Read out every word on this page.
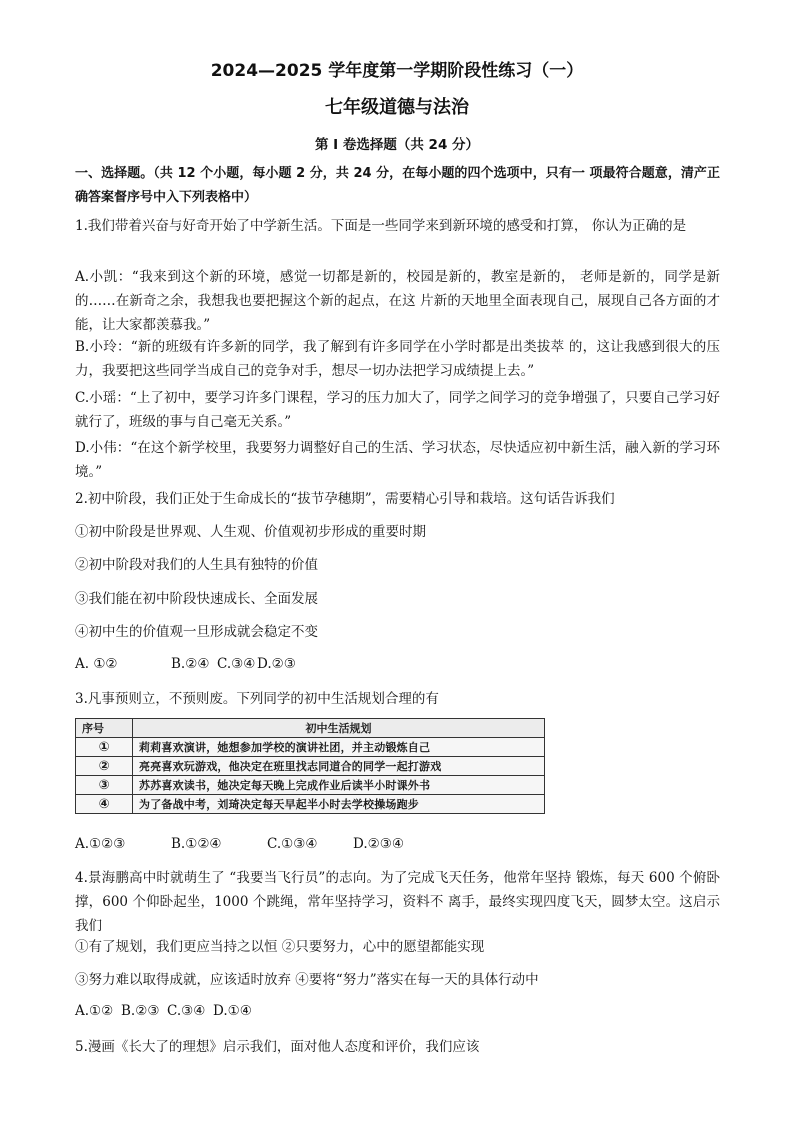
2024—2025 学年度第一学期阶段性练习（一）
七年级道德与法治
第 I 卷选择题（共 24 分）
一、选择题。（共 12 个小题，每小题 2 分，共 24 分，在每小题的四个选项中，只有一 项最符合题意，清产正确答案督序号中入下列表格中）
1.我们带着兴奋与好奇开始了中学新生活。下面是一些同学来到新环境的感受和打算， 你认为正确的是
A.小凯：“我来到这个新的环境，感觉一切都是新的，校园是新的，教室是新的， 老师是新的，同学是新的……在新奇之余，我想我也要把握这个新的起点，在这 片新的天地里全面表现自己，展现自己各方面的才能，让大家都羡慕我。”
B.小玲：“新的班级有许多新的同学，我了解到有许多同学在小学时都是出类拔萃 的，这让我感到很大的压力，我要把这些同学当成自己的竞争对手，想尽一切办法把学习成绩提上去。”
C.小瑶：“上了初中，要学习许多门课程，学习的压力加大了，同学之间学习的竞争增强了，只要自己学习好就行了，班级的事与自己毫无关系。”
D.小伟：“在这个新学校里，我要努力调整好自己的生活、学习状态，尽快适应初中新生活，融入新的学习环境。”
2.初中阶段，我们正处于生命成长的“拔节孕穗期”，需要精心引导和栽培。这句话告诉我们
①初中阶段是世界观、人生观、价值观初步形成的重要时期
②初中阶段对我们的人生具有独特的价值
③我们能在初中阶段快速成长、全面发展
④初中生的价值观一旦形成就会稳定不变
A. ①②	B.②④ C.③④ D.②③
3.凡事预则立，不预则废。下列同学的初中生活规划合理的有
序号	初中生活规划
①	莉莉喜欢演讲，她想参加学校的演讲社团，并主动锻炼自己
②	亮亮喜欢玩游戏，他决定在班里找志同道合的同学一起打游戏
③	苏苏喜欢读书，她决定每天晚上完成作业后读半小时课外书
④	为了备战中考，刘琦决定每天早起半小时去学校操场跑步
A.①②③	B.①②④	C.①③④	D.②③④
4.景海鹏高中时就萌生了 “我要当飞行员”的志向。为了完成飞天任务，他常年坚持 锻炼，每天 600 个俯卧撑，600 个仰卧起坐，1000 个跳绳，常年坚持学习，资料不 离手，最终实现四度飞天，圆梦太空。这启示我们
①有了规划，我们更应当持之以恒 ②只要努力，心中的愿望都能实现
③努力难以取得成就，应该适时放弃 ④要将“努力”落实在每一天的具体行动中
A.①② B.②③ C.③④ D.①④
5.漫画《长大了的理想》启示我们，面对他人态度和评价，我们应该
